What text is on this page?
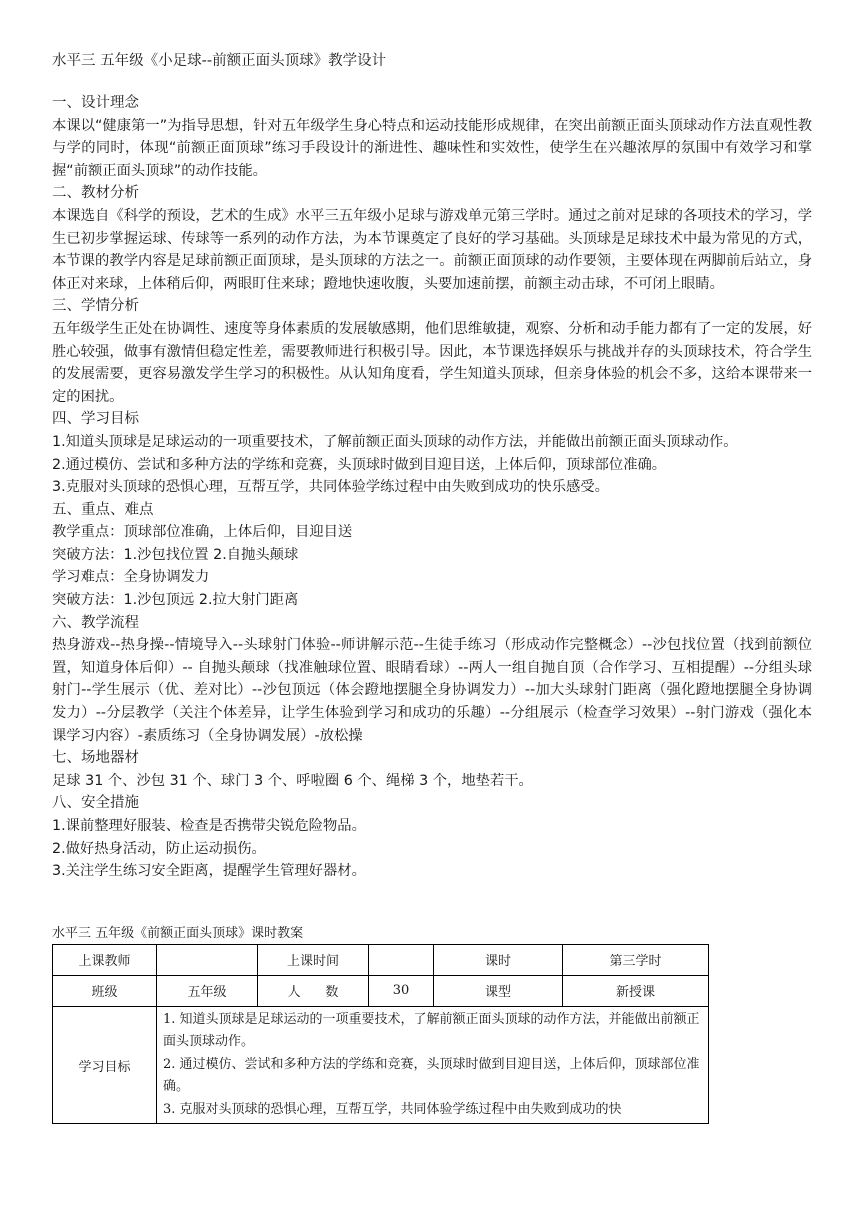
水平三 五年级《小足球--前额正面头顶球》教学设计

一、设计理念

本课以“健康第一”为指导思想，针对五年级学生身心特点和运动技能形成规律，在突出前额正面头顶球动作方法直观性教与学的同时，体现“前额正面顶球”练习手段设计的渐进性、趣味性和实效性，使学生在兴趣浓厚的氛围中有效学习和掌握“前额正面头顶球”的动作技能。

二、教材分析

本课选自《科学的预设，艺术的生成》水平三五年级小足球与游戏单元第三学时。通过之前对足球的各项技术的学习，学生已初步掌握运球、传球等一系列的动作方法，为本节课奠定了良好的学习基础。头顶球是足球技术中最为常见的方式，本节课的教学内容是足球前额正面顶球，是头顶球的方法之一。前额正面顶球的动作要领，主要体现在两脚前后站立，身体正对来球，上体稍后仰，两眼盯住来球；蹬地快速收腹，头要加速前摆，前额主动击球，不可闭上眼睛。

三、学情分析

五年级学生正处在协调性、速度等身体素质的发展敏感期，他们思维敏捷，观察、分析和动手能力都有了一定的发展，好胜心较强，做事有激情但稳定性差，需要教师进行积极引导。因此，本节课选择娱乐与挑战并存的头顶球技术，符合学生的发展需要，更容易激发学生学习的积极性。从认知角度看，学生知道头顶球，但亲身体验的机会不多，这给本课带来一定的困扰。

四、学习目标

1.知道头顶球是足球运动的一项重要技术，了解前额正面头顶球的动作方法，并能做出前额正面头顶球动作。

2.通过模仿、尝试和多种方法的学练和竞赛，头顶球时做到目迎目送，上体后仰，顶球部位准确。

3.克服对头顶球的恐惧心理，互帮互学，共同体验学练过程中由失败到成功的快乐感受。

五、重点、难点

教学重点：顶球部位准确，上体后仰，目迎目送

突破方法：1.沙包找位置 2.自抛头颠球

学习难点：全身协调发力

突破方法：1.沙包顶远 2.拉大射门距离

六、教学流程

热身游戏--热身操--情境导入--头球射门体验--师讲解示范--生徒手练习（形成动作完整概念）--沙包找位置（找到前额位置，知道身体后仰）-- 自抛头颠球（找准触球位置、眼睛看球）--两人一组自抛自顶（合作学习、互相提醒）--分组头球射门--学生展示（优、差对比）--沙包顶远（体会蹬地摆腿全身协调发力）--加大头球射门距离（强化蹬地摆腿全身协调发力）--分层教学（关注个体差异，让学生体验到学习和成功的乐趣）--分组展示（检查学习效果）--射门游戏（强化本课学习内容）-素质练习（全身协调发展）-放松操

七、场地器材

足球 31 个、沙包 31 个、球门 3 个、呼啦圈 6 个、绳梯 3 个，地垫若干。

八、安全措施

1.课前整理好服装、检查是否携带尖锐危险物品。

2.做好热身活动，防止运动损伤。

3.关注学生练习安全距离，提醒学生管理好器材。

水平三 五年级《前额正面头顶球》课时教案

上课教师		上课时间		课时	第三学时
班级	五年级	人      数	30	课型	新授课
学习目标	1. 知道头顶球是足球运动的一项重要技术，了解前额正面头顶球的动作方法，并能做出前额正面头顶球动作。

2. 通过模仿、尝试和多种方法的学练和竞赛，头顶球时做到目迎目送，上体后仰，顶球部位准确。

3. 克服对头顶球的恐惧心理，互帮互学，共同体验学练过程中由失败到成功的快				
